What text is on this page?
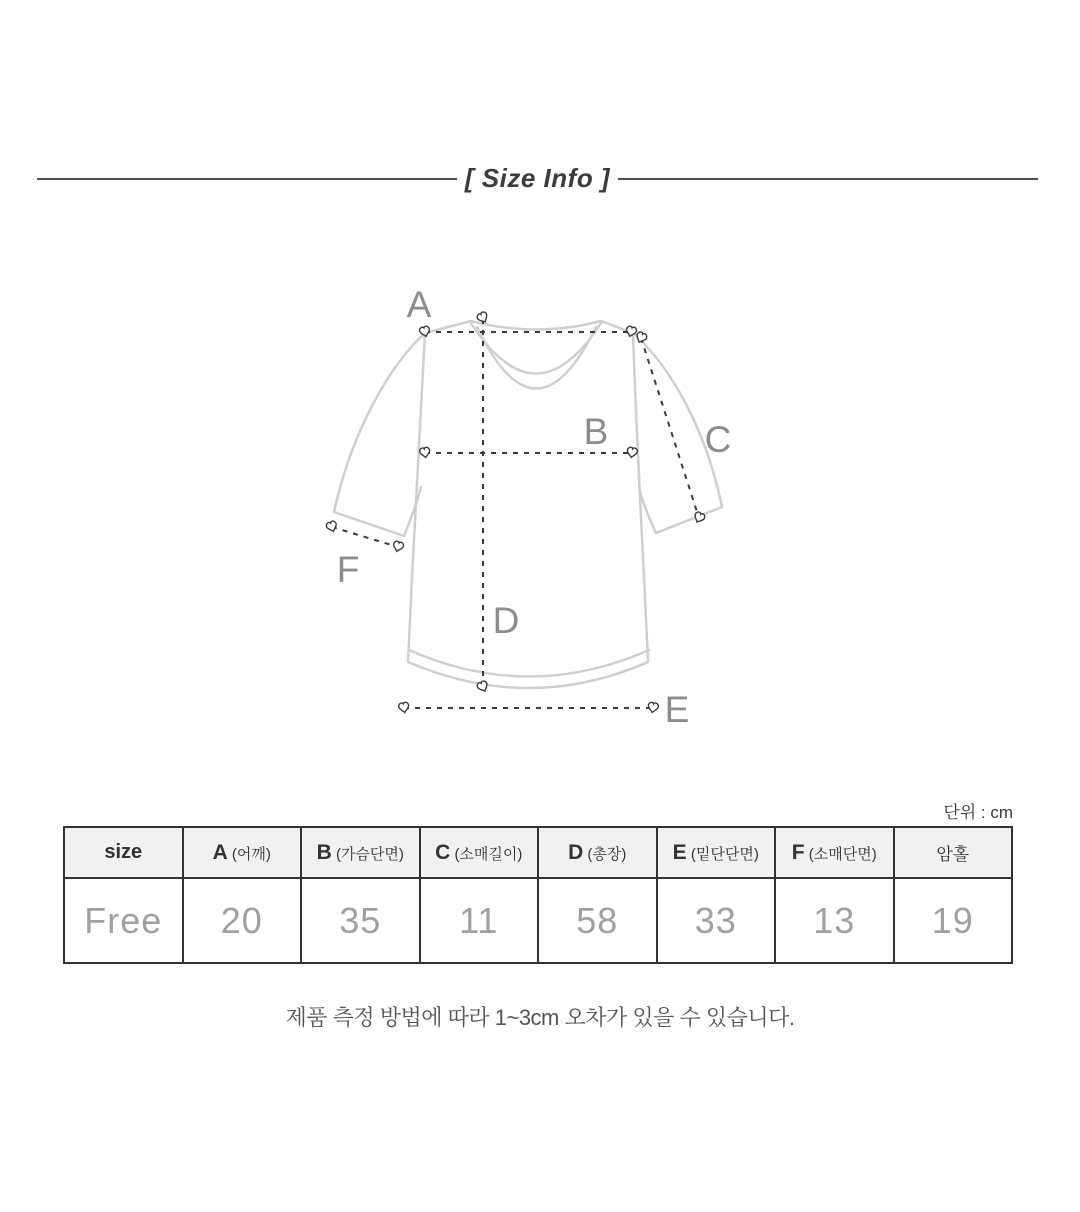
[ Size Info ]
A
B	C
D
E
F
단위 : cm
size	A (어깨)	B (가슴단면)	C (소매길이)	D (총장)	E (밑단단면)	F (소매단면)	암홀
Free	20	35	11	58	33	13	19
제품 측정 방법에 따라 1~3cm 오차가 있을 수 있습니다.
